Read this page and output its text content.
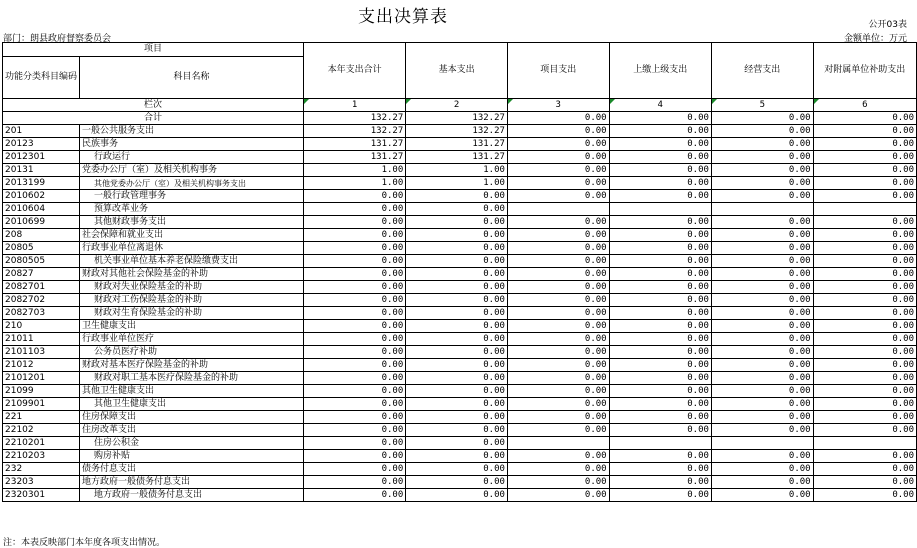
支出决算表	公开03表
部门：朗县政府督察委员会	金额单位：万元
项目		本年支出合计	基本支出	项目支出	上缴上级支出	经营支出	对附属单位补助支出
功能分类科目编码	科目名称						
栏次		1	2	3	4	5	6
合计		132.27	132.27	0.00	0.00	0.00	0.00
201	一般公共服务支出	132.27	132.27	0.00	0.00	0.00	0.00
20123	民族事务	131.27	131.27	0.00	0.00	0.00	0.00
2012301	行政运行	131.27	131.27	0.00	0.00	0.00	0.00
20131	党委办公厅（室）及相关机构事务	1.00	1.00	0.00	0.00	0.00	0.00
2013199	其他党委办公厅（室）及相关机构事务支出	1.00	1.00	0.00	0.00	0.00	0.00
2010602	一般行政管理事务	0.00	0.00	0.00	0.00	0.00	0.00
2010604	预算改革业务	0.00	0.00				
2010699	其他财政事务支出	0.00	0.00	0.00	0.00	0.00	0.00
208	社会保障和就业支出	0.00	0.00	0.00	0.00	0.00	0.00
20805	行政事业单位离退休	0.00	0.00	0.00	0.00	0.00	0.00
2080505	机关事业单位基本养老保险缴费支出	0.00	0.00	0.00	0.00	0.00	0.00
20827	财政对其他社会保险基金的补助	0.00	0.00	0.00	0.00	0.00	0.00
2082701	财政对失业保险基金的补助	0.00	0.00	0.00	0.00	0.00	0.00
2082702	财政对工伤保险基金的补助	0.00	0.00	0.00	0.00	0.00	0.00
2082703	财政对生育保险基金的补助	0.00	0.00	0.00	0.00	0.00	0.00
210	卫生健康支出	0.00	0.00	0.00	0.00	0.00	0.00
21011	行政事业单位医疗	0.00	0.00	0.00	0.00	0.00	0.00
2101103	公务员医疗补助	0.00	0.00	0.00	0.00	0.00	0.00
21012	财政对基本医疗保险基金的补助	0.00	0.00	0.00	0.00	0.00	0.00
2101201	财政对职工基本医疗保险基金的补助	0.00	0.00	0.00	0.00	0.00	0.00
21099	其他卫生健康支出	0.00	0.00	0.00	0.00	0.00	0.00
2109901	其他卫生健康支出	0.00	0.00	0.00	0.00	0.00	0.00
221	住房保障支出	0.00	0.00	0.00	0.00	0.00	0.00
22102	住房改革支出	0.00	0.00	0.00	0.00	0.00	0.00
2210201	住房公积金	0.00	0.00				
2210203	购房补贴	0.00	0.00	0.00	0.00	0.00	0.00
232	债务付息支出	0.00	0.00	0.00	0.00	0.00	0.00
23203	地方政府一般债务付息支出	0.00	0.00	0.00	0.00	0.00	0.00
2320301	地方政府一般债务付息支出	0.00	0.00	0.00	0.00	0.00	0.00
注：本表反映部门本年度各项支出情况。
